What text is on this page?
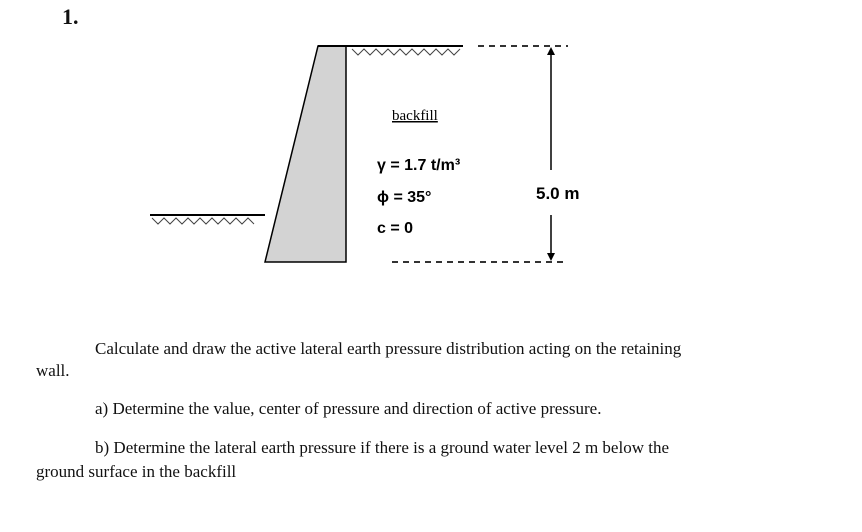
1.
backfill
γ = 1.7 t/m³
ϕ = 35°
c = 0
5.0 m
Calculate and draw the active lateral earth pressure distribution acting on the retaining
wall.
a) Determine the value, center of pressure and direction of active pressure.
b) Determine the lateral earth pressure if there is a ground water level 2 m below the
ground surface in the backfill
